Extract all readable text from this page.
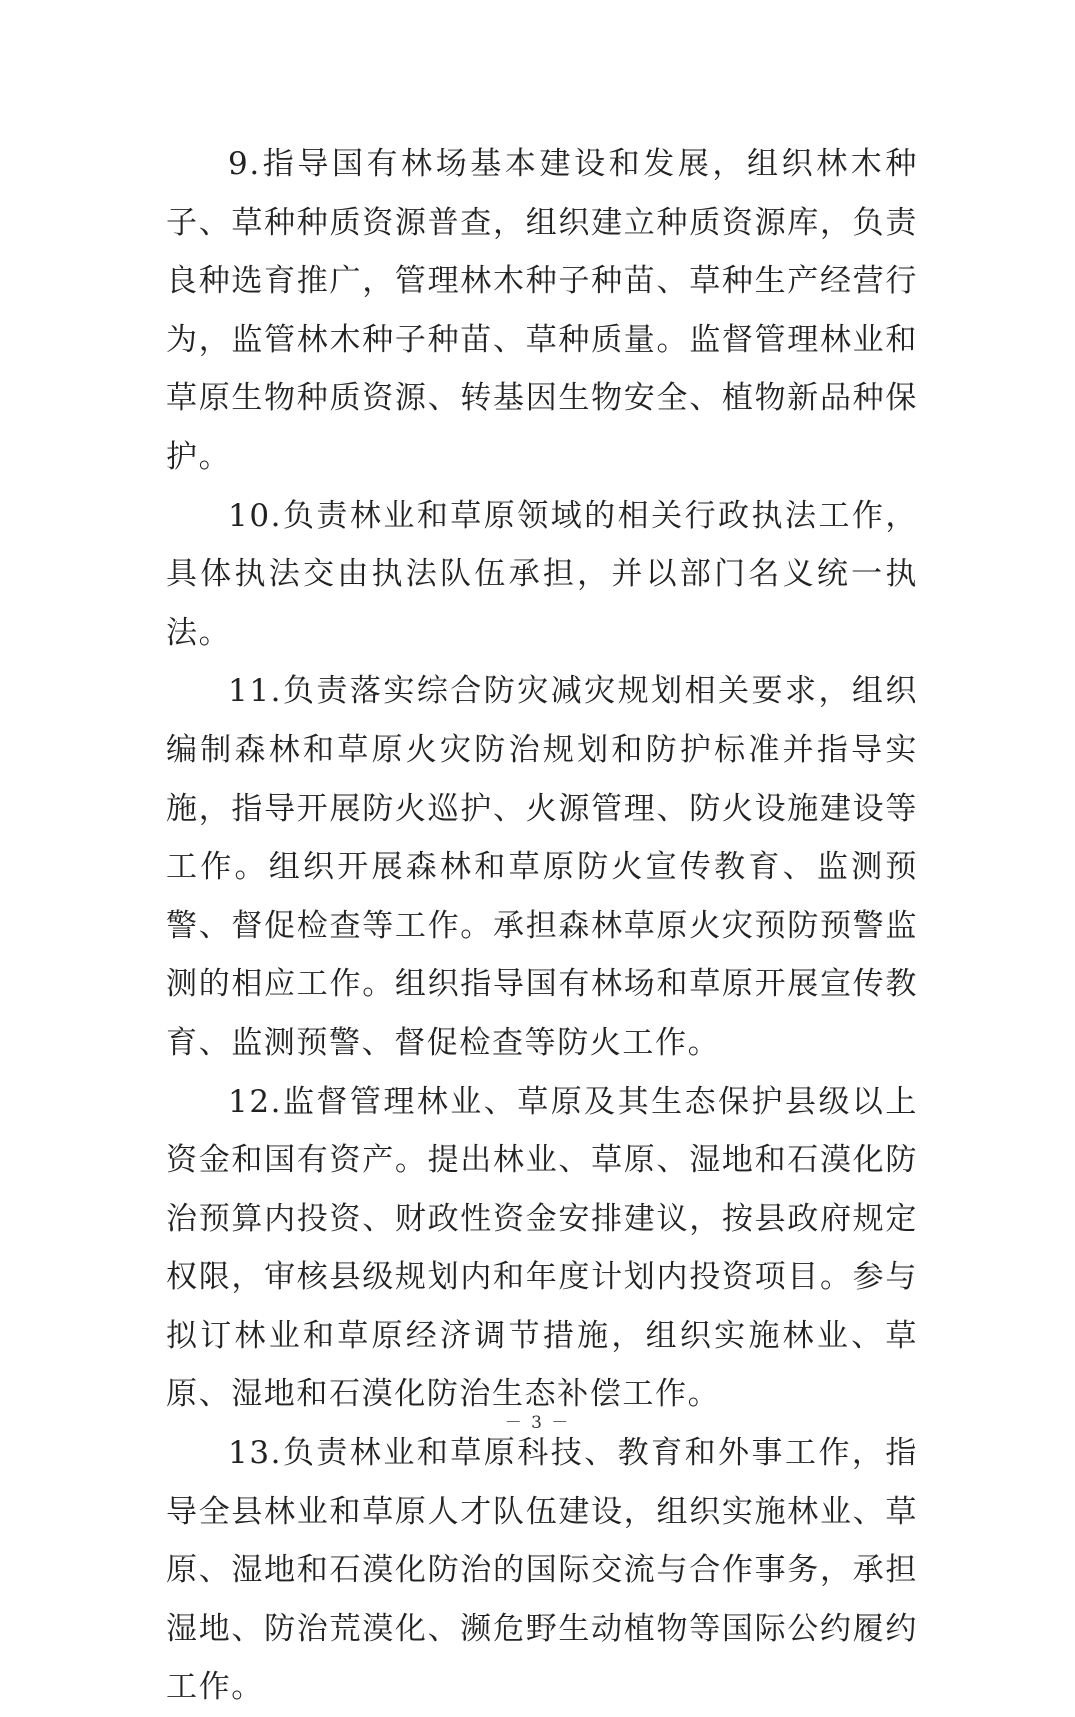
9.指导国有林场基本建设和发展，组织林木种子、草种种质资源普查，组织建立种质资源库，负责良种选育推广，管理林木种子种苗、草种生产经营行为，监管林木种子种苗、草种质量。监督管理林业和草原生物种质资源、转基因生物安全、植物新品种保护。

10.负责林业和草原领域的相关行政执法工作，具体执法交由执法队伍承担，并以部门名义统一执法。

11.负责落实综合防灾减灾规划相关要求，组织编制森林和草原火灾防治规划和防护标准并指导实施，指导开展防火巡护、火源管理、防火设施建设等工作。组织开展森林和草原防火宣传教育、监测预警、督促检查等工作。承担森林草原火灾预防预警监测的相应工作。组织指导国有林场和草原开展宣传教育、监测预警、督促检查等防火工作。

12.监督管理林业、草原及其生态保护县级以上资金和国有资产。提出林业、草原、湿地和石漠化防治预算内投资、财政性资金安排建议，按县政府规定权限，审核县级规划内和年度计划内投资项目。参与拟订林业和草原经济调节措施，组织实施林业、草原、湿地和石漠化防治生态补偿工作。

13.负责林业和草原科技、教育和外事工作，指导全县林业和草原人才队伍建设，组织实施林业、草原、湿地和石漠化防治的国际交流与合作事务，承担湿地、防治荒漠化、濒危野生动植物等国际公约履约工作。

－ 3 －
